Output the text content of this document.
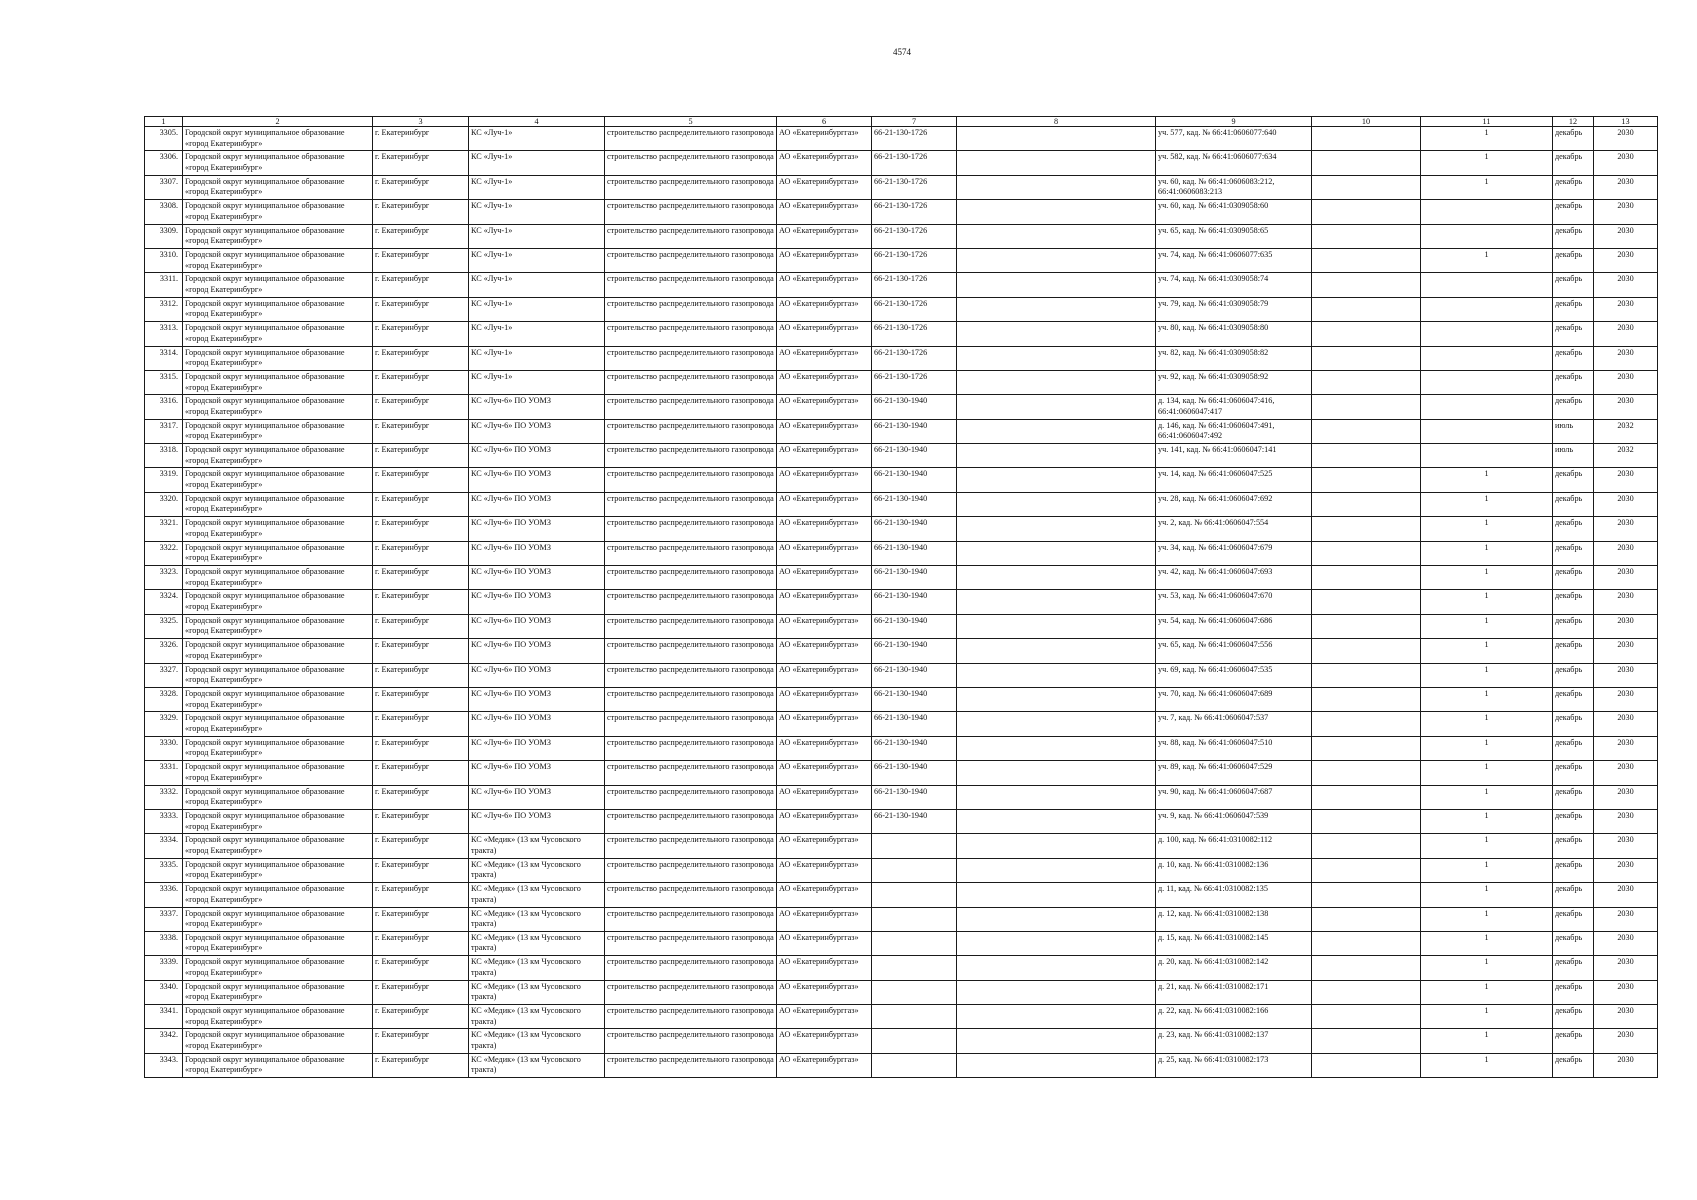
4574
1	2	3	4	5	6	7	8	9	10	11	12	13
3305.	Городской округ муниципальное образование «город Екатеринбург»	г. Екатеринбург	КС «Луч-1»	строительство распределительного газопровода	АО «Екатеринбурггаз»	66-21-130-1726		уч. 577, кад. № 66:41:0606077:640		1	декабрь	2030
3306.	Городской округ муниципальное образование «город Екатеринбург»	г. Екатеринбург	КС «Луч-1»	строительство распределительного газопровода	АО «Екатеринбурггаз»	66-21-130-1726		уч. 582, кад. № 66:41:0606077:634		1	декабрь	2030
3307.	Городской округ муниципальное образование «город Екатеринбург»	г. Екатеринбург	КС «Луч-1»	строительство распределительного газопровода	АО «Екатеринбурггаз»	66-21-130-1726		уч. 60, кад. № 66:41:0606083:212, 66:41:0606083:213		1	декабрь	2030
3308.	Городской округ муниципальное образование «город Екатеринбург»	г. Екатеринбург	КС «Луч-1»	строительство распределительного газопровода	АО «Екатеринбурггаз»	66-21-130-1726		уч. 60, кад. № 66:41:0309058:60			декабрь	2030
3309.	Городской округ муниципальное образование «город Екатеринбург»	г. Екатеринбург	КС «Луч-1»	строительство распределительного газопровода	АО «Екатеринбурггаз»	66-21-130-1726		уч. 65, кад. № 66:41:0309058:65			декабрь	2030
3310.	Городской округ муниципальное образование «город Екатеринбург»	г. Екатеринбург	КС «Луч-1»	строительство распределительного газопровода	АО «Екатеринбурггаз»	66-21-130-1726		уч. 74, кад. № 66:41:0606077:635		1	декабрь	2030
3311.	Городской округ муниципальное образование «город Екатеринбург»	г. Екатеринбург	КС «Луч-1»	строительство распределительного газопровода	АО «Екатеринбурггаз»	66-21-130-1726		уч. 74, кад. № 66:41:0309058:74			декабрь	2030
3312.	Городской округ муниципальное образование «город Екатеринбург»	г. Екатеринбург	КС «Луч-1»	строительство распределительного газопровода	АО «Екатеринбурггаз»	66-21-130-1726		уч. 79, кад. № 66:41:0309058:79			декабрь	2030
3313.	Городской округ муниципальное образование «город Екатеринбург»	г. Екатеринбург	КС «Луч-1»	строительство распределительного газопровода	АО «Екатеринбурггаз»	66-21-130-1726		уч. 80, кад. № 66:41:0309058:80			декабрь	2030
3314.	Городской округ муниципальное образование «город Екатеринбург»	г. Екатеринбург	КС «Луч-1»	строительство распределительного газопровода	АО «Екатеринбурггаз»	66-21-130-1726		уч. 82, кад. № 66:41:0309058:82			декабрь	2030
3315.	Городской округ муниципальное образование «город Екатеринбург»	г. Екатеринбург	КС «Луч-1»	строительство распределительного газопровода	АО «Екатеринбурггаз»	66-21-130-1726		уч. 92, кад. № 66:41:0309058:92			декабрь	2030
3316.	Городской округ муниципальное образование «город Екатеринбург»	г. Екатеринбург	КС «Луч-6» ПО УОМЗ	строительство распределительного газопровода	АО «Екатеринбурггаз»	66-21-130-1940		д. 134, кад. № 66:41:0606047:416, 66:41:0606047:417			декабрь	2030
3317.	Городской округ муниципальное образование «город Екатеринбург»	г. Екатеринбург	КС «Луч-6» ПО УОМЗ	строительство распределительного газопровода	АО «Екатеринбурггаз»	66-21-130-1940		д. 146, кад. № 66:41:0606047:491, 66:41:0606047:492			июль	2032
3318.	Городской округ муниципальное образование «город Екатеринбург»	г. Екатеринбург	КС «Луч-6» ПО УОМЗ	строительство распределительного газопровода	АО «Екатеринбурггаз»	66-21-130-1940		уч. 141, кад. № 66:41:0606047:141			июль	2032
3319.	Городской округ муниципальное образование «город Екатеринбург»	г. Екатеринбург	КС «Луч-6» ПО УОМЗ	строительство распределительного газопровода	АО «Екатеринбурггаз»	66-21-130-1940		уч. 14, кад. № 66:41:0606047:525		1	декабрь	2030
3320.	Городской округ муниципальное образование «город Екатеринбург»	г. Екатеринбург	КС «Луч-6» ПО УОМЗ	строительство распределительного газопровода	АО «Екатеринбурггаз»	66-21-130-1940		уч. 28, кад. № 66:41:0606047:692		1	декабрь	2030
3321.	Городской округ муниципальное образование «город Екатеринбург»	г. Екатеринбург	КС «Луч-6» ПО УОМЗ	строительство распределительного газопровода	АО «Екатеринбурггаз»	66-21-130-1940		уч. 2, кад. № 66:41:0606047:554		1	декабрь	2030
3322.	Городской округ муниципальное образование «город Екатеринбург»	г. Екатеринбург	КС «Луч-6» ПО УОМЗ	строительство распределительного газопровода	АО «Екатеринбурггаз»	66-21-130-1940		уч. 34, кад. № 66:41:0606047:679		1	декабрь	2030
3323.	Городской округ муниципальное образование «город Екатеринбург»	г. Екатеринбург	КС «Луч-6» ПО УОМЗ	строительство распределительного газопровода	АО «Екатеринбурггаз»	66-21-130-1940		уч. 42, кад. № 66:41:0606047:693		1	декабрь	2030
3324.	Городской округ муниципальное образование «город Екатеринбург»	г. Екатеринбург	КС «Луч-6» ПО УОМЗ	строительство распределительного газопровода	АО «Екатеринбурггаз»	66-21-130-1940		уч. 53, кад. № 66:41:0606047:670		1	декабрь	2030
3325.	Городской округ муниципальное образование «город Екатеринбург»	г. Екатеринбург	КС «Луч-6» ПО УОМЗ	строительство распределительного газопровода	АО «Екатеринбурггаз»	66-21-130-1940		уч. 54, кад. № 66:41:0606047:686		1	декабрь	2030
3326.	Городской округ муниципальное образование «город Екатеринбург»	г. Екатеринбург	КС «Луч-6» ПО УОМЗ	строительство распределительного газопровода	АО «Екатеринбурггаз»	66-21-130-1940		уч. 65, кад. № 66:41:0606047:556		1	декабрь	2030
3327.	Городской округ муниципальное образование «город Екатеринбург»	г. Екатеринбург	КС «Луч-6» ПО УОМЗ	строительство распределительного газопровода	АО «Екатеринбурггаз»	66-21-130-1940		уч. 69, кад. № 66:41:0606047:535		1	декабрь	2030
3328.	Городской округ муниципальное образование «город Екатеринбург»	г. Екатеринбург	КС «Луч-6» ПО УОМЗ	строительство распределительного газопровода	АО «Екатеринбурггаз»	66-21-130-1940		уч. 70, кад. № 66:41:0606047:689		1	декабрь	2030
3329.	Городской округ муниципальное образование «город Екатеринбург»	г. Екатеринбург	КС «Луч-6» ПО УОМЗ	строительство распределительного газопровода	АО «Екатеринбурггаз»	66-21-130-1940		уч. 7, кад. № 66:41:0606047:537		1	декабрь	2030
3330.	Городской округ муниципальное образование «город Екатеринбург»	г. Екатеринбург	КС «Луч-6» ПО УОМЗ	строительство распределительного газопровода	АО «Екатеринбурггаз»	66-21-130-1940		уч. 88, кад. № 66:41:0606047:510		1	декабрь	2030
3331.	Городской округ муниципальное образование «город Екатеринбург»	г. Екатеринбург	КС «Луч-6» ПО УОМЗ	строительство распределительного газопровода	АО «Екатеринбурггаз»	66-21-130-1940		уч. 89, кад. № 66:41:0606047:529		1	декабрь	2030
3332.	Городской округ муниципальное образование «город Екатеринбург»	г. Екатеринбург	КС «Луч-6» ПО УОМЗ	строительство распределительного газопровода	АО «Екатеринбурггаз»	66-21-130-1940		уч. 90, кад. № 66:41:0606047:687		1	декабрь	2030
3333.	Городской округ муниципальное образование «город Екатеринбург»	г. Екатеринбург	КС «Луч-6» ПО УОМЗ	строительство распределительного газопровода	АО «Екатеринбурггаз»	66-21-130-1940		уч. 9, кад. № 66:41:0606047:539		1	декабрь	2030
3334.	Городской округ муниципальное образование «город Екатеринбург»	г. Екатеринбург	КС «Медик» (13 км Чусовского тракта)	строительство распределительного газопровода	АО «Екатеринбурггаз»			д. 100, кад. № 66:41:0310082:112		1	декабрь	2030
3335.	Городской округ муниципальное образование «город Екатеринбург»	г. Екатеринбург	КС «Медик» (13 км Чусовского тракта)	строительство распределительного газопровода	АО «Екатеринбурггаз»			д. 10, кад. № 66:41:0310082:136		1	декабрь	2030
3336.	Городской округ муниципальное образование «город Екатеринбург»	г. Екатеринбург	КС «Медик» (13 км Чусовского тракта)	строительство распределительного газопровода	АО «Екатеринбурггаз»			д. 11, кад. № 66:41:0310082:135		1	декабрь	2030
3337.	Городской округ муниципальное образование «город Екатеринбург»	г. Екатеринбург	КС «Медик» (13 км Чусовского тракта)	строительство распределительного газопровода	АО «Екатеринбурггаз»			д. 12, кад. № 66:41:0310082:138		1	декабрь	2030
3338.	Городской округ муниципальное образование «город Екатеринбург»	г. Екатеринбург	КС «Медик» (13 км Чусовского тракта)	строительство распределительного газопровода	АО «Екатеринбурггаз»			д. 15, кад. № 66:41:0310082:145		1	декабрь	2030
3339.	Городской округ муниципальное образование «город Екатеринбург»	г. Екатеринбург	КС «Медик» (13 км Чусовского тракта)	строительство распределительного газопровода	АО «Екатеринбурггаз»			д. 20, кад. № 66:41:0310082:142		1	декабрь	2030
3340.	Городской округ муниципальное образование «город Екатеринбург»	г. Екатеринбург	КС «Медик» (13 км Чусовского тракта)	строительство распределительного газопровода	АО «Екатеринбурггаз»			д. 21, кад. № 66:41:0310082:171		1	декабрь	2030
3341.	Городской округ муниципальное образование «город Екатеринбург»	г. Екатеринбург	КС «Медик» (13 км Чусовского тракта)	строительство распределительного газопровода	АО «Екатеринбурггаз»			д. 22, кад. № 66:41:0310082:166		1	декабрь	2030
3342.	Городской округ муниципальное образование «город Екатеринбург»	г. Екатеринбург	КС «Медик» (13 км Чусовского тракта)	строительство распределительного газопровода	АО «Екатеринбурггаз»			д. 23, кад. № 66:41:0310082:137		1	декабрь	2030
3343.	Городской округ муниципальное образование «город Екатеринбург»	г. Екатеринбург	КС «Медик» (13 км Чусовского тракта)	строительство распределительного газопровода	АО «Екатеринбурггаз»			д. 25, кад. № 66:41:0310082:173		1	декабрь	2030
